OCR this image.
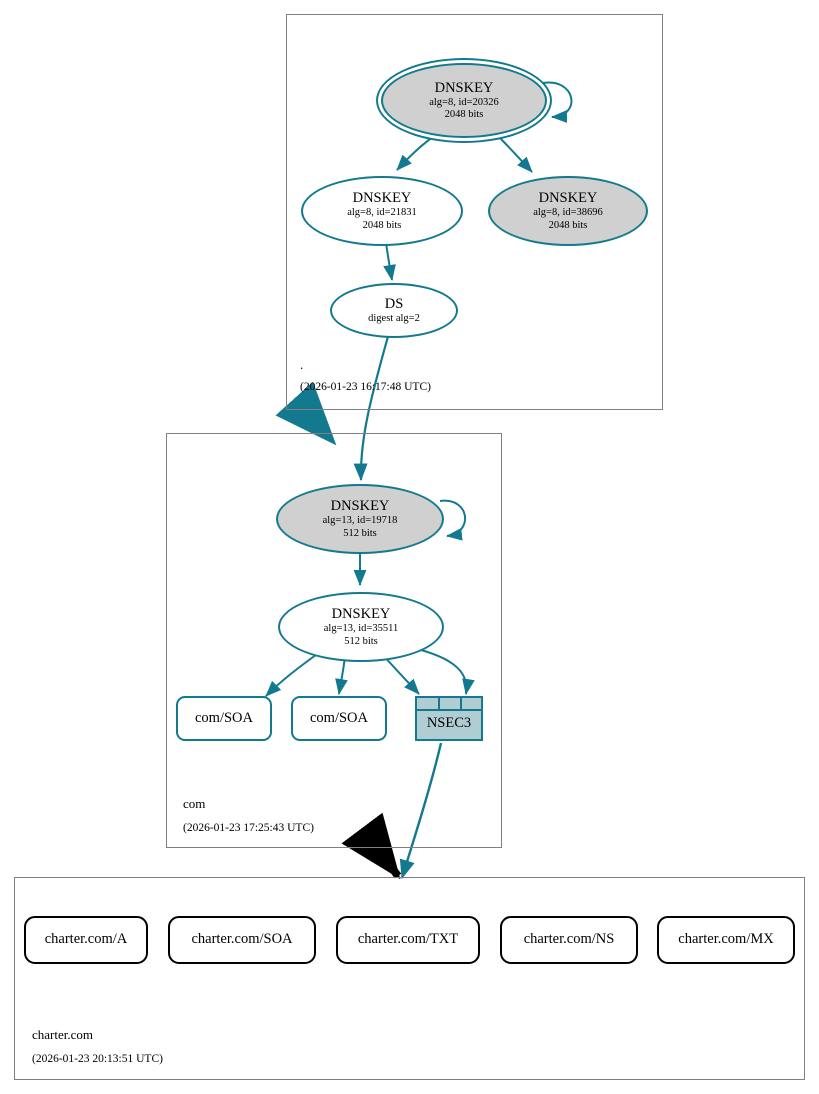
.
(2026-01-23 16:17:48 UTC)
com
(2026-01-23 17:25:43 UTC)
charter.com
(2026-01-23 20:13:51 UTC)
DNSKEY
alg=8, id=20326
2048 bits
DNSKEY
alg=8, id=21831
2048 bits
DNSKEY
alg=8, id=38696
2048 bits
DS
digest alg=2
DNSKEY
alg=13, id=19718
512 bits
DNSKEY
alg=13, id=35511
512 bits
com/SOA	com/SOA	NSEC3
charter.com/A	charter.com/SOA	charter.com/TXT	charter.com/NS	charter.com/MX
